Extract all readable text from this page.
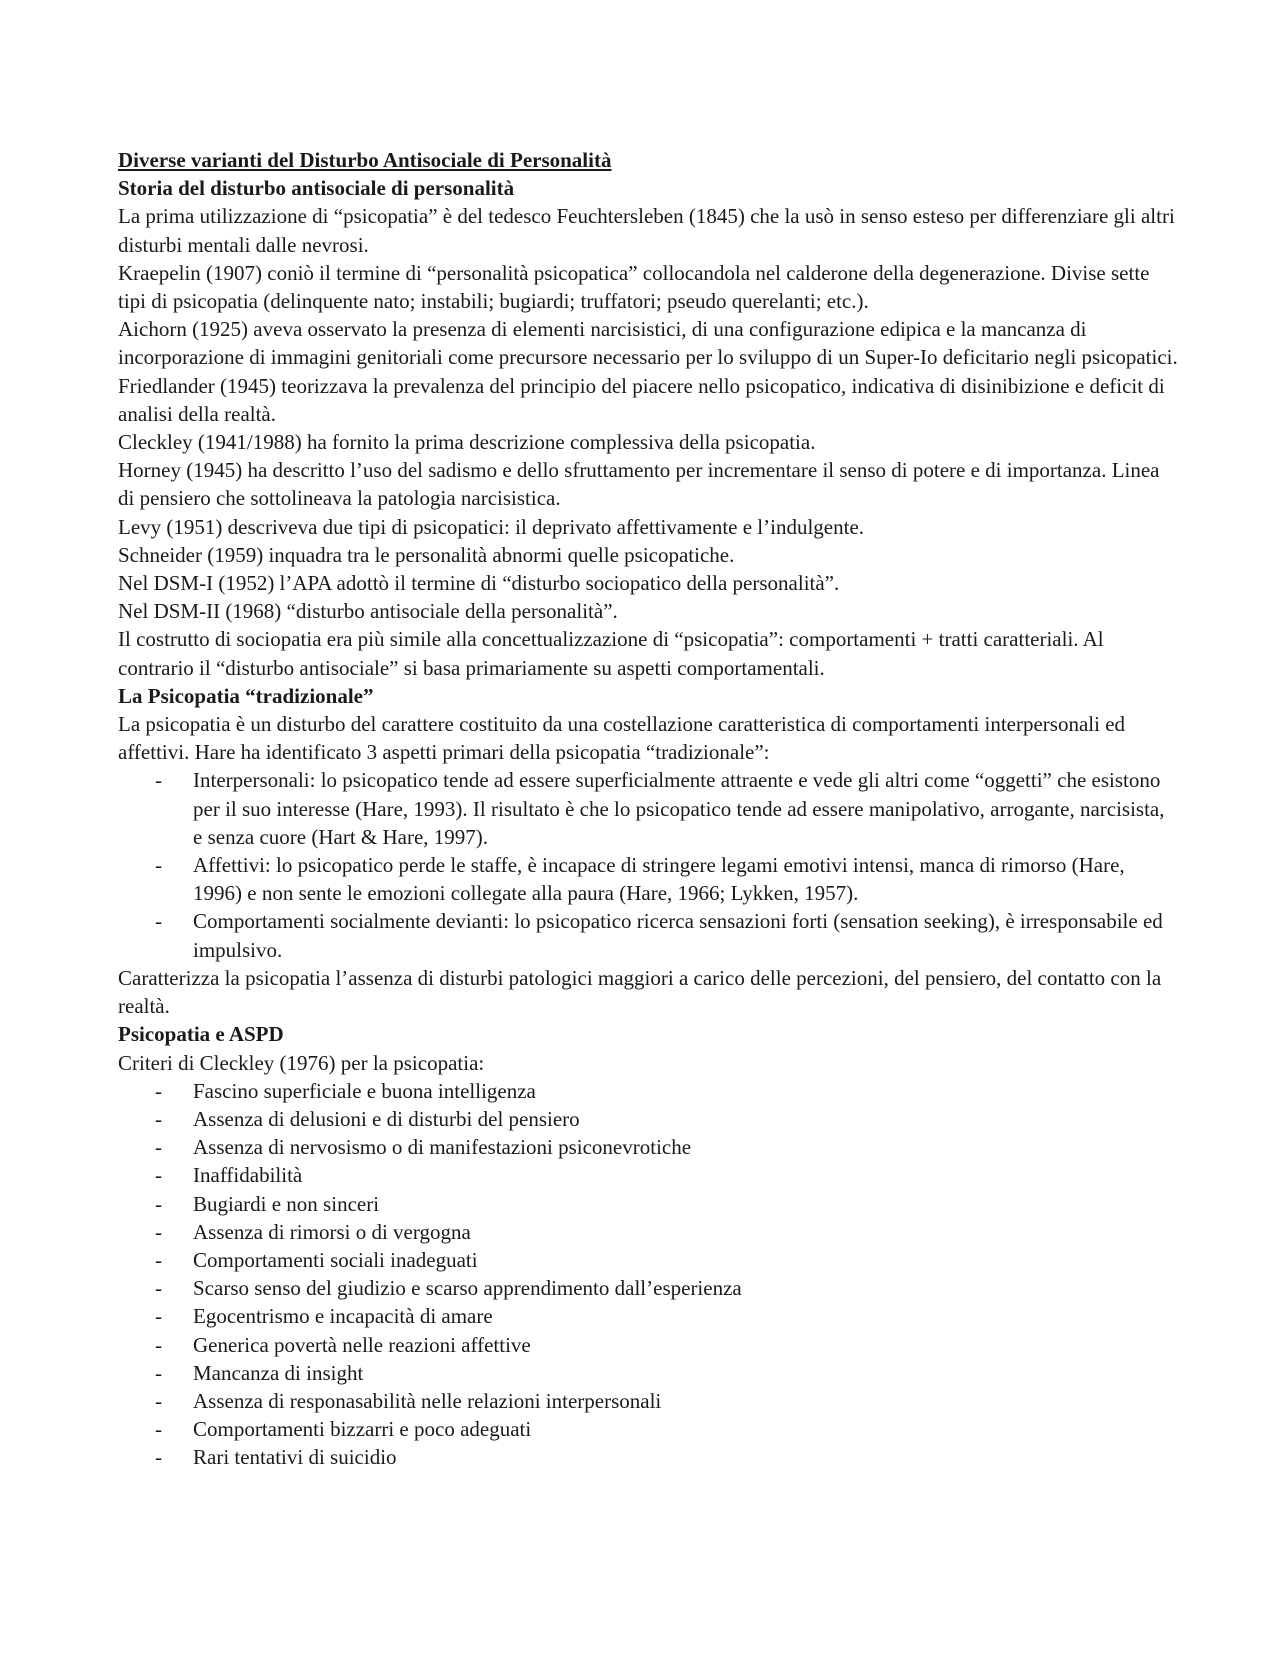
Diverse varianti del Disturbo Antisociale di Personalità

Storia del disturbo antisociale di personalità

La prima utilizzazione di “psicopatia” è del tedesco Feuchtersleben (1845) che la usò in senso esteso per differenziare gli altri disturbi mentali dalle nevrosi.

Kraepelin (1907) coniò il termine di “personalità psicopatica” collocandola nel calderone della degenerazione. Divise sette tipi di psicopatia (delinquente nato; instabili; bugiardi; truffatori; pseudo querelanti; etc.).

Aichorn (1925) aveva osservato la presenza di elementi narcisistici, di una configurazione edipica e la mancanza di incorporazione di immagini genitoriali come precursore necessario per lo sviluppo di un Super-Io deficitario negli psicopatici.

Friedlander (1945) teorizzava la prevalenza del principio del piacere nello psicopatico, indicativa di disinibizione e deficit di analisi della realtà.

Cleckley (1941/1988) ha fornito la prima descrizione complessiva della psicopatia.

Horney (1945) ha descritto l’uso del sadismo e dello sfruttamento per incrementare il senso di potere e di importanza. Linea di pensiero che sottolineava la patologia narcisistica.

Levy (1951) descriveva due tipi di psicopatici: il deprivato affettivamente e l’indulgente.

Schneider (1959) inquadra tra le personalità abnormi quelle psicopatiche.

Nel DSM-I (1952) l’APA adottò il termine di “disturbo sociopatico della personalità”.

Nel DSM-II (1968) “disturbo antisociale della personalità”.

Il costrutto di sociopatia era più simile alla concettualizzazione di “psicopatia”: comportamenti + tratti caratteriali. Al contrario il “disturbo antisociale” si basa primariamente su aspetti comportamentali.

La Psicopatia “tradizionale”

La psicopatia è un disturbo del carattere costituito da una costellazione caratteristica di comportamenti interpersonali ed affettivi. Hare ha identificato 3 aspetti primari della psicopatia “tradizionale”:

- Interpersonali: lo psicopatico tende ad essere superficialmente attraente e vede gli altri come “oggetti” che esistono per il suo interesse (Hare, 1993). Il risultato è che lo psicopatico tende ad essere manipolativo, arrogante, narcisista, e senza cuore (Hart & Hare, 1997).
- Affettivi: lo psicopatico perde le staffe, è incapace di stringere legami emotivi intensi, manca di rimorso (Hare, 1996) e non sente le emozioni collegate alla paura (Hare, 1966; Lykken, 1957).
- Comportamenti socialmente devianti: lo psicopatico ricerca sensazioni forti (sensation seeking), è irresponsabile ed impulsivo.

Caratterizza la psicopatia l’assenza di disturbi patologici maggiori a carico delle percezioni, del pensiero, del contatto con la realtà.

Psicopatia e ASPD

Criteri di Cleckley (1976) per la psicopatia:

- Fascino superficiale e buona intelligenza
- Assenza di delusioni e di disturbi del pensiero
- Assenza di nervosismo o di manifestazioni psiconevrotiche
- Inaffidabilità
- Bugiardi e non sinceri
- Assenza di rimorsi o di vergogna
- Comportamenti sociali inadeguati
- Scarso senso del giudizio e scarso apprendimento dall’esperienza
- Egocentrismo e incapacità di amare
- Generica povertà nelle reazioni affettive
- Mancanza di insight
- Assenza di responasabilità nelle relazioni interpersonali
- Comportamenti bizzarri e poco adeguati
- Rari tentativi di suicidio
